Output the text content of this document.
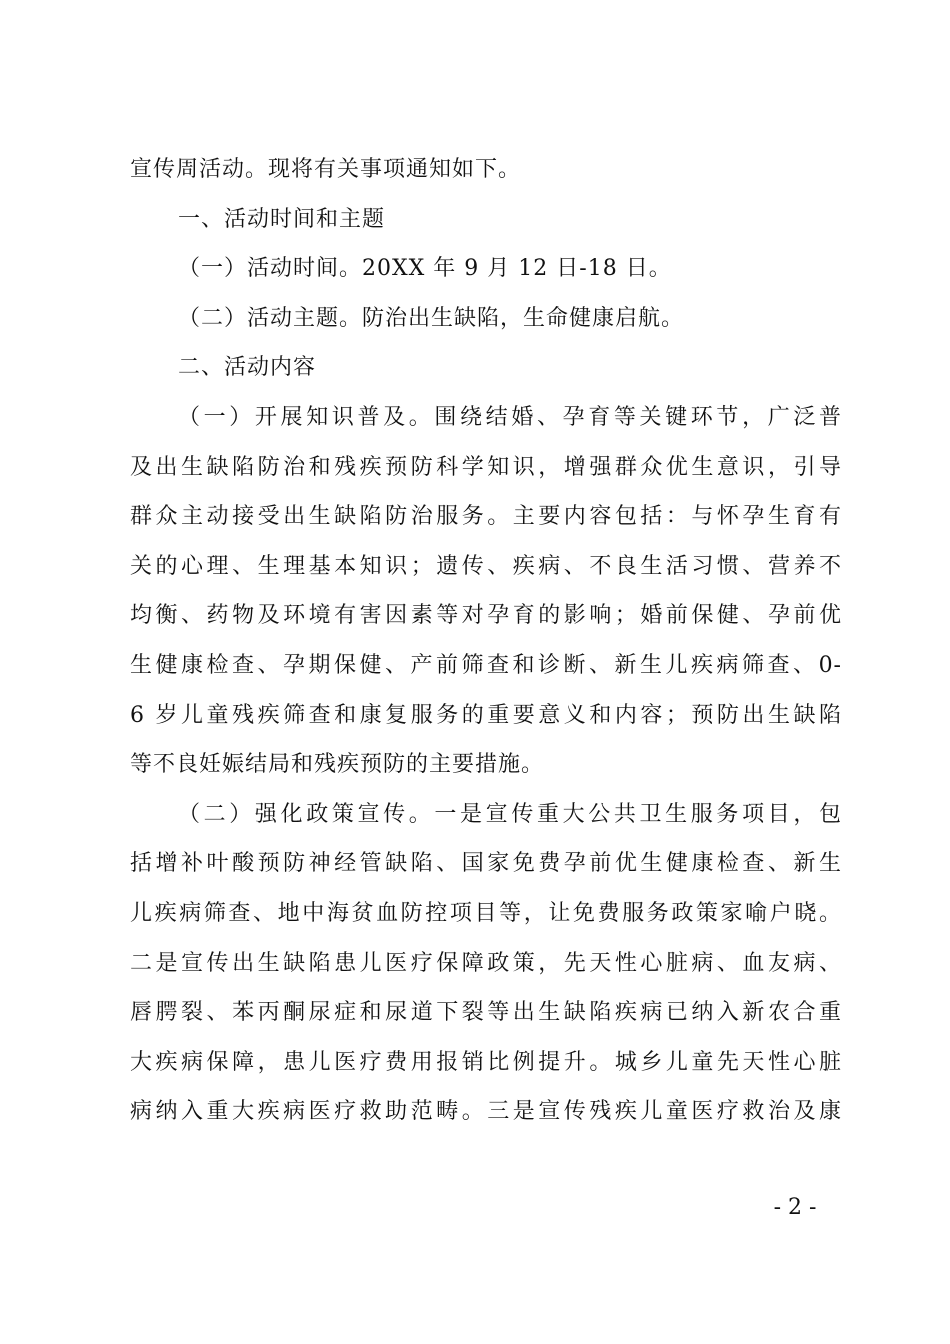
宣传周活动。现将有关事项通知如下。
一、活动时间和主题
（一）活动时间。20XX 年 9 月 12 日-18 日。
（二）活动主题。防治出生缺陷，生命健康启航。
二、活动内容
（一）开展知识普及。围绕结婚、孕育等关键环节，广泛普
及出生缺陷防治和残疾预防科学知识，增强群众优生意识，引导
群众主动接受出生缺陷防治服务。主要内容包括：与怀孕生育有
关的心理、生理基本知识；遗传、疾病、不良生活习惯、营养不
均衡、药物及环境有害因素等对孕育的影响；婚前保健、孕前优
生健康检查、孕期保健、产前筛查和诊断、新生儿疾病筛查、0-
6 岁儿童残疾筛查和康复服务的重要意义和内容；预防出生缺陷
等不良妊娠结局和残疾预防的主要措施。
（二）强化政策宣传。一是宣传重大公共卫生服务项目，包
括增补叶酸预防神经管缺陷、国家免费孕前优生健康检查、新生
儿疾病筛查、地中海贫血防控项目等，让免费服务政策家喻户晓。
二是宣传出生缺陷患儿医疗保障政策，先天性心脏病、血友病、
唇腭裂、苯丙酮尿症和尿道下裂等出生缺陷疾病已纳入新农合重
大疾病保障，患儿医疗费用报销比例提升。城乡儿童先天性心脏
病纳入重大疾病医疗救助范畴。三是宣传残疾儿童医疗救治及康
- 2 -
